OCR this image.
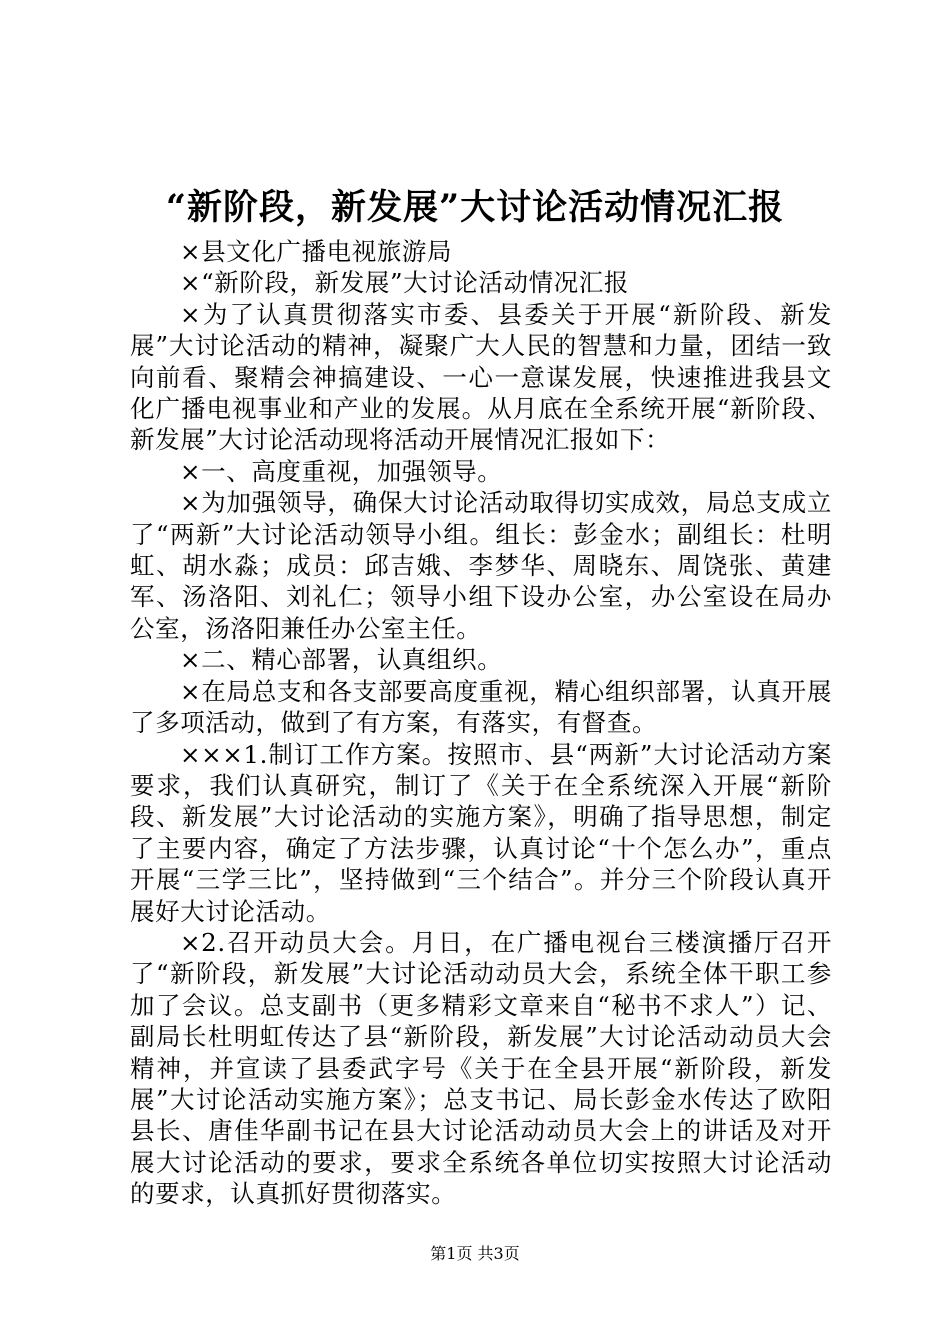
“新阶段，新发展”大讨论活动情况汇报

×县文化广播电视旅游局

×“新阶段，新发展”大讨论活动情况汇报

×为了认真贯彻落实市委、县委关于开展“新阶段、新发展”大讨论活动的精神，凝聚广大人民的智慧和力量，团结一致向前看、聚精会神搞建设、一心一意谋发展，快速推进我县文化广播电视事业和产业的发展。从月底在全系统开展“新阶段、新发展”大讨论活动现将活动开展情况汇报如下：

×一、高度重视，加强领导。

×为加强领导，确保大讨论活动取得切实成效，局总支成立了“两新”大讨论活动领导小组。组长：彭金水；副组长：杜明虹、胡水淼；成员：邱吉娥、李梦华、周晓东、周饶张、黄建军、汤洛阳、刘礼仁；领导小组下设办公室，办公室设在局办公室，汤洛阳兼任办公室主任。

×二、精心部署，认真组织。

×在局总支和各支部要高度重视，精心组织部署，认真开展了多项活动，做到了有方案，有落实，有督查。

×××1.制订工作方案。按照市、县“两新”大讨论活动方案要求，我们认真研究，制订了《关于在全系统深入开展“新阶段、新发展”大讨论活动的实施方案》，明确了指导思想，制定了主要内容，确定了方法步骤，认真讨论“十个怎么办”，重点开展“三学三比”，坚持做到“三个结合”。并分三个阶段认真开展好大讨论活动。

×2.召开动员大会。月日，在广播电视台三楼演播厅召开了“新阶段，新发展”大讨论活动动员大会，系统全体干职工参加了会议。总支副书（更多精彩文章来自“秘书不求人”）记、副局长杜明虹传达了县“新阶段，新发展”大讨论活动动员大会精神，并宣读了县委武字号《关于在全县开展“新阶段，新发展”大讨论活动实施方案》；总支书记、局长彭金水传达了欧阳县长、唐佳华副书记在县大讨论活动动员大会上的讲话及对开展大讨论活动的要求，要求全系统各单位切实按照大讨论活动的要求，认真抓好贯彻落实。

第1页 共3页
